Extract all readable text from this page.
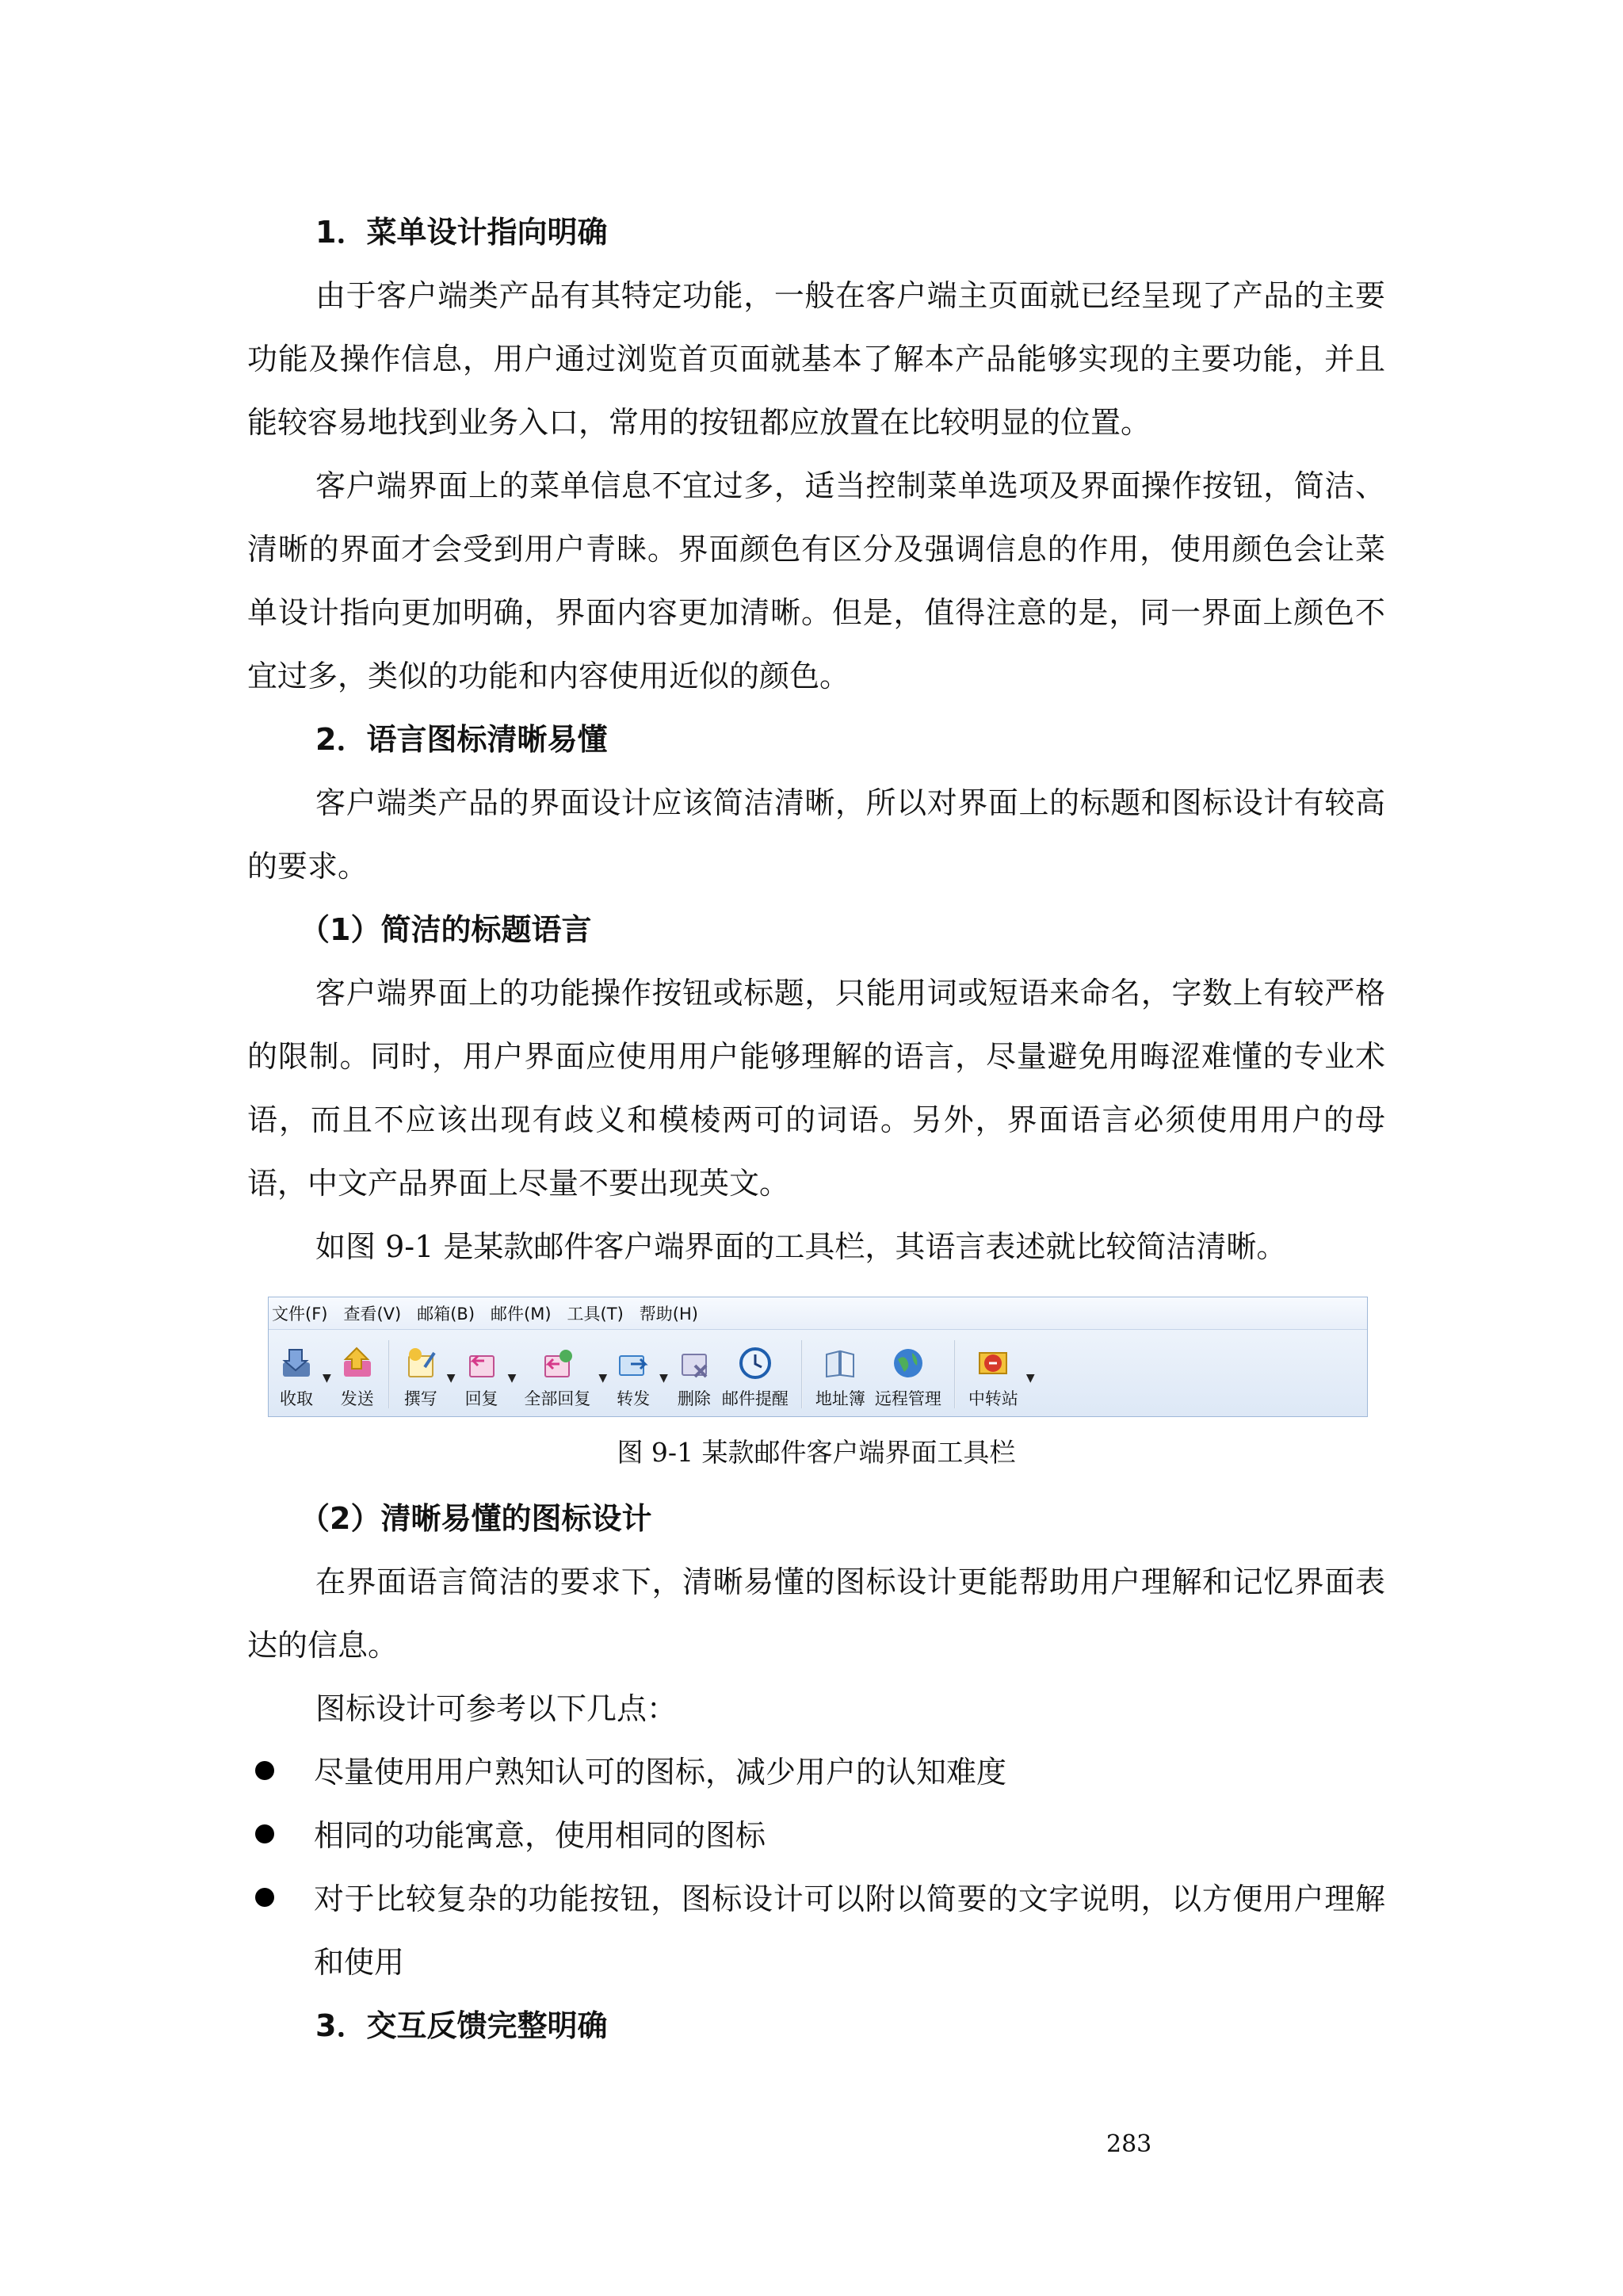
1．菜单设计指向明确
由于客户端类产品有其特定功能，一般在客户端主页面就已经呈现了产品的主要功能及操作信息，用户通过浏览首页面就基本了解本产品能够实现的主要功能，并且能较容易地找到业务入口，常用的按钮都应放置在比较明显的位置。
客户端界面上的菜单信息不宜过多，适当控制菜单选项及界面操作按钮，简洁、清晰的界面才会受到用户青睐。界面颜色有区分及强调信息的作用，使用颜色会让菜单设计指向更加明确，界面内容更加清晰。但是，值得注意的是，同一界面上颜色不宜过多，类似的功能和内容使用近似的颜色。
2．语言图标清晰易懂
客户端类产品的界面设计应该简洁清晰，所以对界面上的标题和图标设计有较高的要求。
（1）简洁的标题语言
客户端界面上的功能操作按钮或标题，只能用词或短语来命名，字数上有较严格的限制。同时，用户界面应使用用户能够理解的语言，尽量避免用晦涩难懂的专业术语，而且不应该出现有歧义和模棱两可的词语。另外，界面语言必须使用用户的母语，中文产品界面上尽量不要出现英文。
如图 9-1 是某款邮件客户端界面的工具栏，其语言表述就比较简洁清晰。
文件(F) 查看(V) 邮箱(B) 邮件(M) 工具(T) 帮助(H)
收取
▼
发送 撰写
▼
回复
▼
全部回复
▼
转发
▼
删除 邮件提醒 地址簿 远程管理 中转站
▼
图 9-1 某款邮件客户端界面工具栏
（2）清晰易懂的图标设计
在界面语言简洁的要求下，清晰易懂的图标设计更能帮助用户理解和记忆界面表达的信息。
图标设计可参考以下几点：
尽量使用用户熟知认可的图标，减少用户的认知难度
相同的功能寓意，使用相同的图标
对于比较复杂的功能按钮，图标设计可以附以简要的文字说明，以方便用户理解和使用
3．交互反馈完整明确
283
